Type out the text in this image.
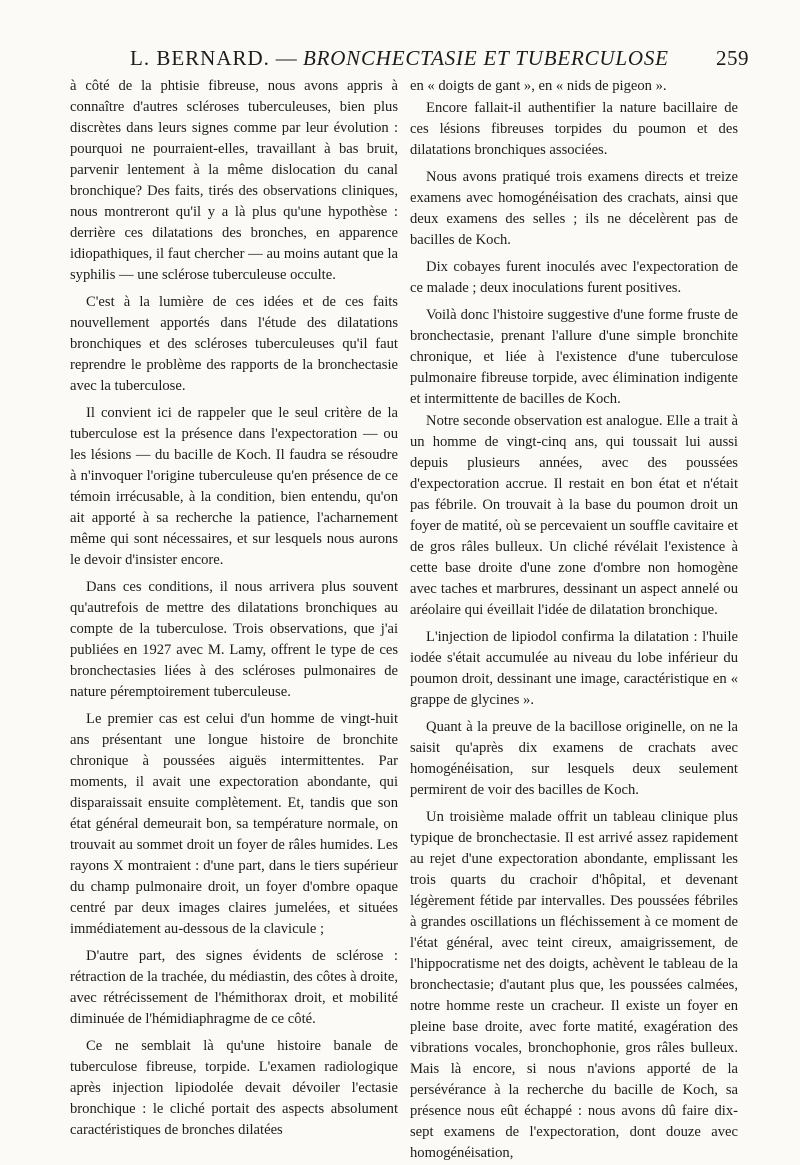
L. BERNARD. — BRONCHECTASIE ET TUBERCULOSE 259

à côté de la phtisie fibreuse, nous avons appris à connaître d'autres scléroses tuberculeuses, bien plus discrètes dans leurs signes comme par leur évolution : pourquoi ne pourraient-elles, travaillant à bas bruit, parvenir lentement à la même dislocation du canal bronchique? Des faits, tirés des observations cliniques, nous montreront qu'il y a là plus qu'une hypothèse : derrière ces dilatations des bronches, en apparence idiopathiques, il faut chercher — au moins autant que la syphilis — une sclérose tuberculeuse occulte.

C'est à la lumière de ces idées et de ces faits nouvellement apportés dans l'étude des dilatations bronchiques et des scléroses tuberculeuses qu'il faut reprendre le problème des rapports de la bronchectasie avec la tuberculose.

Il convient ici de rappeler que le seul critère de la tuberculose est la présence dans l'expectoration — ou les lésions — du bacille de Koch. Il faudra se résoudre à n'invoquer l'origine tuberculeuse qu'en présence de ce témoin irrécusable, à la condition, bien entendu, qu'on ait apporté à sa recherche la patience, l'acharnement même qui sont nécessaires, et sur lesquels nous aurons le devoir d'insister encore.

Dans ces conditions, il nous arrivera plus souvent qu'autrefois de mettre des dilatations bronchiques au compte de la tuberculose. Trois observations, que j'ai publiées en 1927 avec M. Lamy, offrent le type de ces bronchectasies liées à des scléroses pulmonaires de nature péremptoirement tuberculeuse.

Le premier cas est celui d'un homme de vingt-huit ans présentant une longue histoire de bronchite chronique à poussées aiguës intermittentes. Par moments, il avait une expectoration abondante, qui disparaissait ensuite complètement. Et, tandis que son état général demeurait bon, sa température normale, on trouvait au sommet droit un foyer de râles humides. Les rayons X montraient : d'une part, dans le tiers supérieur du champ pulmonaire droit, un foyer d'ombre opaque centré par deux images claires jumelées, et situées immédiatement au-dessous de la clavicule ;

D'autre part, des signes évidents de sclérose : rétraction de la trachée, du médiastin, des côtes à droite, avec rétrécissement de l'hémithorax droit, et mobilité diminuée de l'hémidiaphragme de ce côté.

Ce ne semblait là qu'une histoire banale de tuberculose fibreuse, torpide. L'examen radiologique après injection lipiodolée devait dévoiler l'ectasie bronchique : le cliché portait des aspects absolument caractéristiques de bronches dilatées

en « doigts de gant », en « nids de pigeon ».

Encore fallait-il authentifier la nature bacillaire de ces lésions fibreuses torpides du poumon et des dilatations bronchiques associées.

Nous avons pratiqué trois examens directs et treize examens avec homogénéisation des crachats, ainsi que deux examens des selles ; ils ne décelèrent pas de bacilles de Koch.

Dix cobayes furent inoculés avec l'expectoration de ce malade ; deux inoculations furent positives.

Voilà donc l'histoire suggestive d'une forme fruste de bronchectasie, prenant l'allure d'une simple bronchite chronique, et liée à l'existence d'une tuberculose pulmonaire fibreuse torpide, avec élimination indigente et intermittente de bacilles de Koch.

Notre seconde observation est analogue. Elle a trait à un homme de vingt-cinq ans, qui toussait lui aussi depuis plusieurs années, avec des poussées d'expectoration accrue. Il restait en bon état et n'était pas fébrile. On trouvait à la base du poumon droit un foyer de matité, où se percevaient un souffle cavitaire et de gros râles bulleux. Un cliché révélait l'existence à cette base droite d'une zone d'ombre non homogène avec taches et marbrures, dessinant un aspect annelé ou aréolaire qui éveillait l'idée de dilatation bronchique.

L'injection de lipiodol confirma la dilatation : l'huile iodée s'était accumulée au niveau du lobe inférieur du poumon droit, dessinant une image, caractéristique en « grappe de glycines ».

Quant à la preuve de la bacillose originelle, on ne la saisit qu'après dix examens de crachats avec homogénéisation, sur lesquels deux seulement permirent de voir des bacilles de Koch.

Un troisième malade offrit un tableau clinique plus typique de bronchectasie. Il est arrivé assez rapidement au rejet d'une expectoration abondante, emplissant les trois quarts du crachoir d'hôpital, et devenant légèrement fétide par intervalles. Des poussées fébriles à grandes oscillations un fléchissement à ce moment de l'état général, avec teint cireux, amaigrissement, de l'hippocratisme net des doigts, achèvent le tableau de la bronchectasie; d'autant plus que, les poussées calmées, notre homme reste un cracheur. Il existe un foyer en pleine base droite, avec forte matité, exagération des vibrations vocales, bronchophonie, gros râles bulleux. Mais là encore, si nous n'avions apporté de la persévérance à la recherche du bacille de Koch, sa présence nous eût échappé : nous avons dû faire dix-sept examens de l'expectoration, dont douze avec homogénéisation,
